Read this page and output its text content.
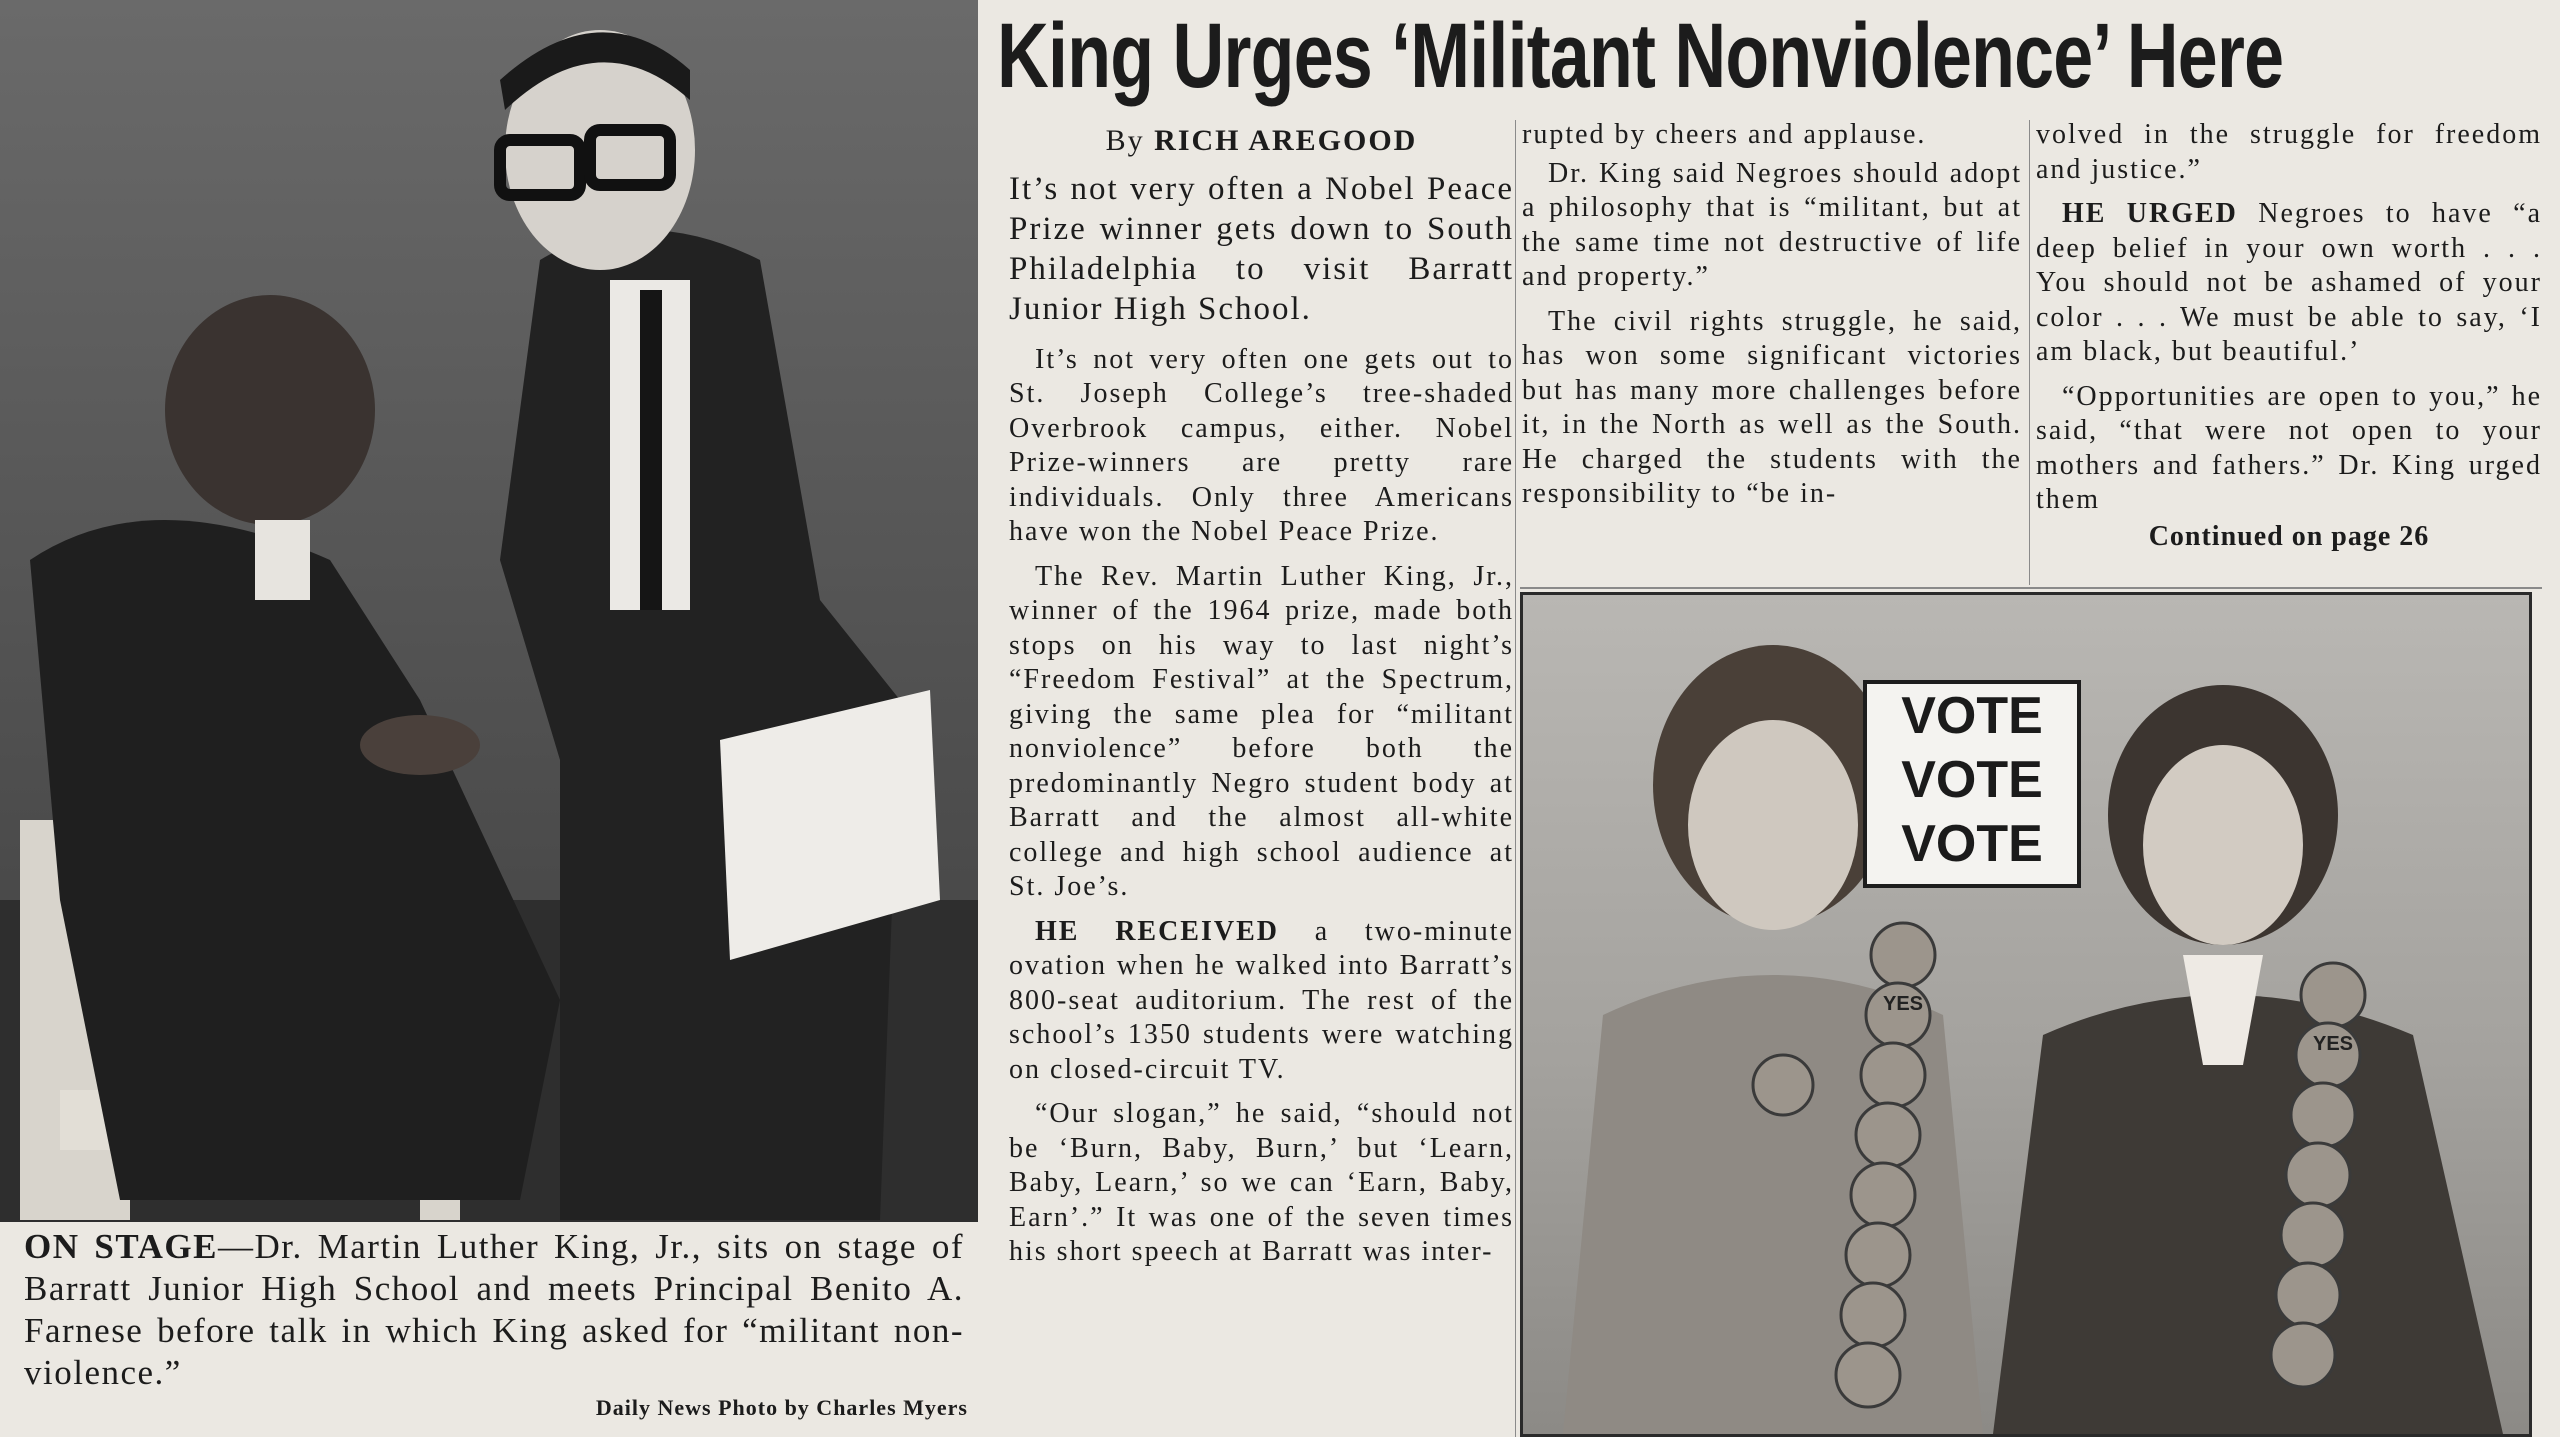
ON STAGE—Dr. Martin Luther King, Jr., sits on stage of Barratt Junior High School and meets Principal Benito A. Farnese before talk in which King asked for “militant non-violence.”
Daily News Photo by Charles Myers
King Urges ‘Militant Nonviolence’ Here

By RICH AREGOOD

It’s not very often a Nobel Peace Prize winner gets down to South Philadelphia to visit Barratt Junior High School.

It’s not very often one gets out to St. Joseph College’s tree-shaded Overbrook campus, either. Nobel Prize-winners are pretty rare individuals. Only three Americans have won the Nobel Peace Prize.

The Rev. Martin Luther King, Jr., winner of the 1964 prize, made both stops on his way to last night’s “Freedom Festival” at the Spectrum, giving the same plea for “militant nonviolence” before both the predominantly Negro student body at Barratt and the almost all-white college and high school audience at St. Joe’s.

HE RECEIVED a two-minute ovation when he walked into Barratt’s 800-seat auditorium. The rest of the school’s 1350 students were watching on closed-circuit TV.

“Our slogan,” he said, “should not be ‘Burn, Baby, Burn,’ but ‘Learn, Baby, Learn,’ so we can ‘Earn, Baby, Earn’.” It was one of the seven times his short speech at Barratt was inter-

rupted by cheers and applause.

Dr. King said Negroes should adopt a philosophy that is “militant, but at the same time not destructive of life and property.”

The civil rights struggle, he said, has won some significant victories but has many more challenges before it, in the North as well as the South. He charged the students with the responsibility to “be in-

volved in the struggle for freedom and justice.”

HE URGED Negroes to have “a deep belief in your own worth . . . You should not be ashamed of your color . . . We must be able to say, ‘I am black, but beautiful.’

“Opportunities are open to you,” he said, “that were not open to your mothers and fathers.” Dr. King urged them

Continued on page 26

VOTE
VOTE
VOTE
YES
YES
